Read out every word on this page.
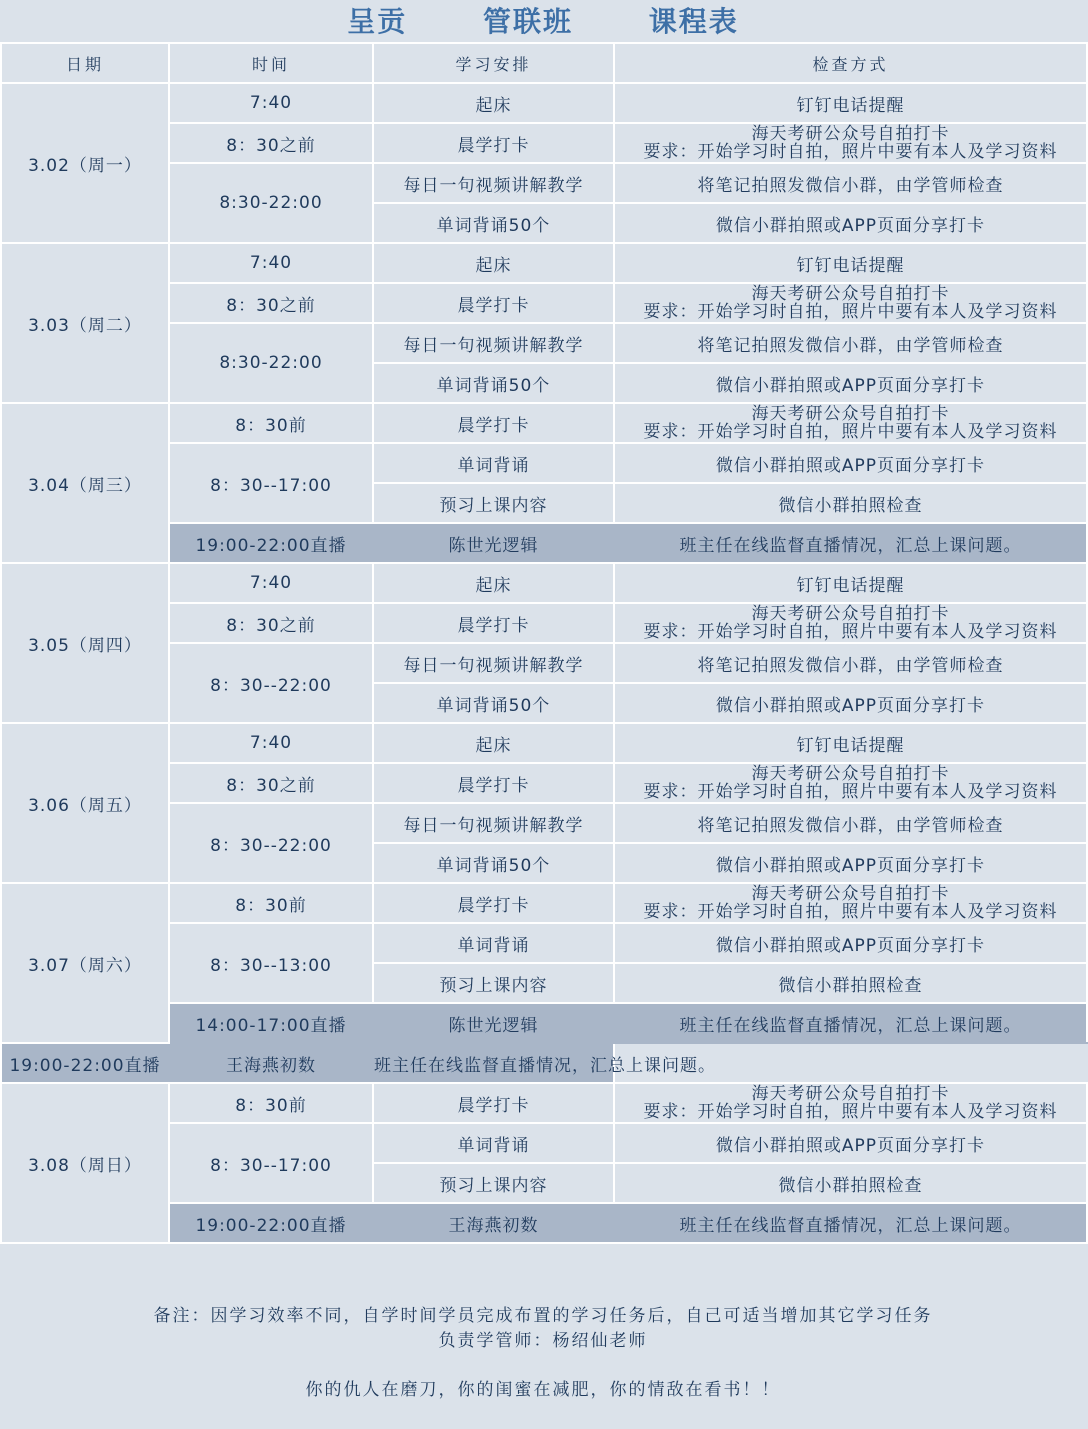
呈贡	管联班	课程表
日期	时间	学习安排	检查方式
3.02（周一）	7:40	起床	钉钉电话提醒
	8：30之前	晨学打卡	海天考研公众号自拍打卡
要求：开始学习时自拍，照片中要有本人及学习资料

	8:30-22:00	每日一句视频讲解教学	将笔记拍照发微信小群，由学管师检查
		单词背诵50个	微信小群拍照或APP页面分享打卡
3.03（周二）	7:40	起床	钉钉电话提醒
	8：30之前	晨学打卡	海天考研公众号自拍打卡
要求：开始学习时自拍，照片中要有本人及学习资料

	8:30-22:00	每日一句视频讲解教学	将笔记拍照发微信小群，由学管师检查
		单词背诵50个	微信小群拍照或APP页面分享打卡
3.04（周三）	8：30前	晨学打卡	海天考研公众号自拍打卡
要求：开始学习时自拍，照片中要有本人及学习资料

	8：30--17:00	单词背诵	微信小群拍照或APP页面分享打卡
		预习上课内容	微信小群拍照检查
	19:00-22:00直播	陈世光逻辑	班主任在线监督直播情况，汇总上课问题。
3.05（周四）	7:40	起床	钉钉电话提醒
	8：30之前	晨学打卡	海天考研公众号自拍打卡
要求：开始学习时自拍，照片中要有本人及学习资料

	8：30--22:00	每日一句视频讲解教学	将笔记拍照发微信小群，由学管师检查
		单词背诵50个	微信小群拍照或APP页面分享打卡
3.06（周五）	7:40	起床	钉钉电话提醒
	8：30之前	晨学打卡	海天考研公众号自拍打卡
要求：开始学习时自拍，照片中要有本人及学习资料

	8：30--22:00	每日一句视频讲解教学	将笔记拍照发微信小群，由学管师检查
		单词背诵50个	微信小群拍照或APP页面分享打卡
3.07（周六）	8：30前	晨学打卡	海天考研公众号自拍打卡
要求：开始学习时自拍，照片中要有本人及学习资料

	8：30--13:00	单词背诵	微信小群拍照或APP页面分享打卡
		预习上课内容	微信小群拍照检查
	14:00-17:00直播	陈世光逻辑	班主任在线监督直播情况，汇总上课问题。
19:00-22:00直播	王海燕初数	班主任在线监督直播情况，汇总上课问题。	
3.08（周日）	8：30前	晨学打卡	海天考研公众号自拍打卡
要求：开始学习时自拍，照片中要有本人及学习资料

	8：30--17:00	单词背诵	微信小群拍照或APP页面分享打卡
		预习上课内容	微信小群拍照检查
	19:00-22:00直播	王海燕初数	班主任在线监督直播情况，汇总上课问题。

备注：因学习效率不同，自学时间学员完成布置的学习任务后，自己可适当增加其它学习任务

负责学管师：杨绍仙老师

你的仇人在磨刀，你的闺蜜在减肥，你的情敌在看书！！
